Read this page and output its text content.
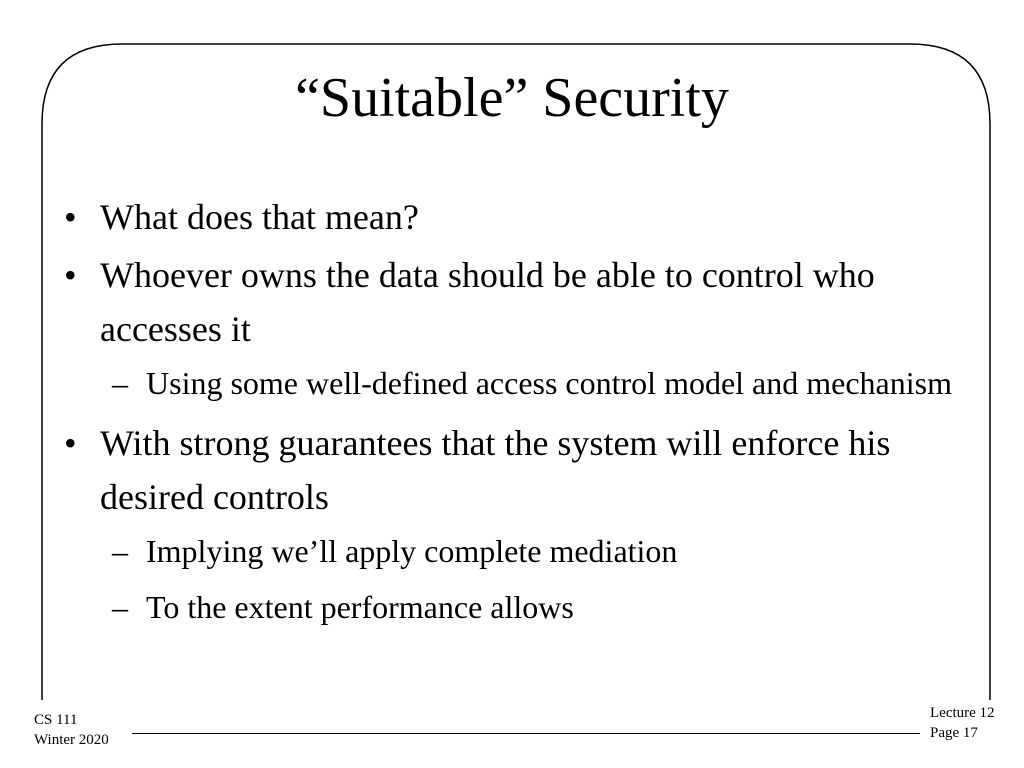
“Suitable” Security
• What does that mean?
• Whoever owns the data should be able to control who accesses it
– Using some well-defined access control model and mechanism
• With strong guarantees that the system will enforce his desired controls
– Implying we’ll apply complete mediation
– To the extent performance allows
CS 111
Winter 2020
Lecture 12
Page 17
